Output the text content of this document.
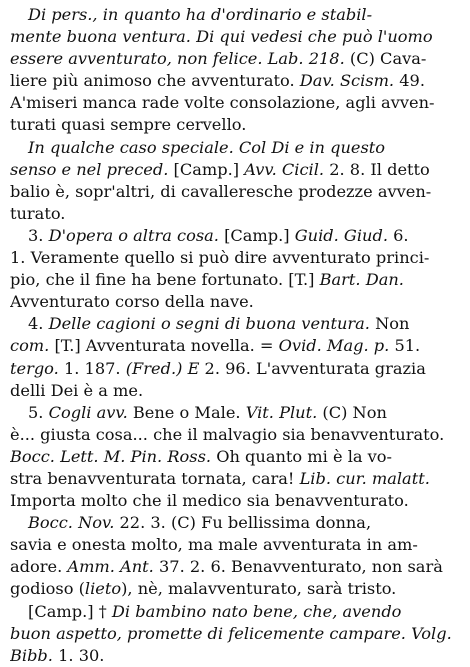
Di pers., in quanto ha d'ordinario e stabil-
mente buona ventura. Di qui vedesi che può l'uomo
essere avventurato, non felice. Lab. 218. (C) Cava-
liere più animoso che avventurato. Dav. Scism. 49.
A'miseri manca rade volte consolazione, agli avven-
turati quasi sempre cervello.
In qualche caso speciale. Col Di e in questo
senso e nel preced. [Camp.] Avv. Cicil. 2. 8. Il detto
balio è, sopr'altri, di cavalleresche prodezze avven-
turato.
3. D'opera o altra cosa. [Camp.] Guid. Giud. 6.
1. Veramente quello si può dire avventurato princi-
pio, che il fine ha bene fortunato. [T.] Bart. Dan.
Avventurato corso della nave.
4. Delle cagioni o segni di buona ventura. Non
com. [T.] Avventurata novella. = Ovid. Mag. p. 51.
tergo. 1. 187. (Fred.) E 2. 96. L'avventurata grazia
delli Dei è a me.
5. Cogli avv. Bene o Male. Vit. Plut. (C) Non
è... giusta cosa... che il malvagio sia benavventurato.
Bocc. Lett. M. Pin. Ross. Oh quanto mi è la vo-
stra benavventurata tornata, cara! Lib. cur. malatt.
Importa molto che il medico sia benavventurato.
Bocc. Nov. 22. 3. (C) Fu bellissima donna,
savia e onesta molto, ma male avventurata in am-
adore. Amm. Ant. 37. 2. 6. Benavventurato, non sarà
godioso (lieto), nè, malavventurato, sarà tristo.
[Camp.] † Di bambino nato bene, che, avendo
buon aspetto, promette di felicemente campare. Volg.
Bibb. 1. 30.
